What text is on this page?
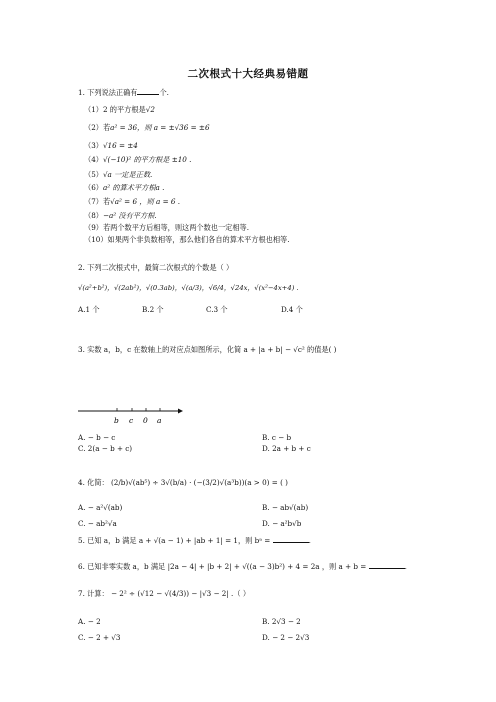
二次根式十大经典易错题
1. 下列说法正确有	个.
（1）2 的平方根是√2
（2）若a² = 36，则 a = ±√36 = ±6
（3）√16 = ±4
（4）√(−10)² 的平方根是 ±10 .
（5）√a 一定是正数.
（6）a² 的算术平方根a .
（7）若√a² = 6 ，则 a = 6 .
（8）−a² 没有平方根.
（9）若两个数平方后相等，则这两个数也一定相等.
（10）如果两个非负数相等，那么他们各自的算术平方根也相等.
2. 下列二次根式中，最简二次根式的个数是（ ）
√(a²+b²)，√(2ab²)，√(0.3ab)，√(a/3)，√6/4，√24x，√(x²−4x+4) .
A.1 个	B.2 个	C.3 个	D.4 个
3. 实数 a，b，c 在数轴上的对应点如图所示，化简 a + |a + b| − √c² 的值是( )
b c 0 a
A. − b − c	B. c − b
C. 2(a − b + c)	D. 2a + b + c
4. 化简： (2/b)√(ab⁵) ÷ 3√(b/a) · (−(3/2)√(a³b))(a > 0) = ( )
A. − a²√(ab)	B. − ab√(ab)
C. − ab²√a	D. − a²b√b
5. 已知 a，b 满足 a + √(a − 1) + |ab + 1| = 1，则 bᵃ =	.
6. 已知非零实数 a，b 满足 |2a − 4| + |b + 2| + √((a − 3)b²) + 4 = 2a ，则 a + b =	.
7. 计算： − 2² ÷ (√12 − √(4/3)) − |√3 − 2| .（ ）
A. − 2	B. 2√3 − 2
C. − 2 + √3	D. − 2 − 2√3
